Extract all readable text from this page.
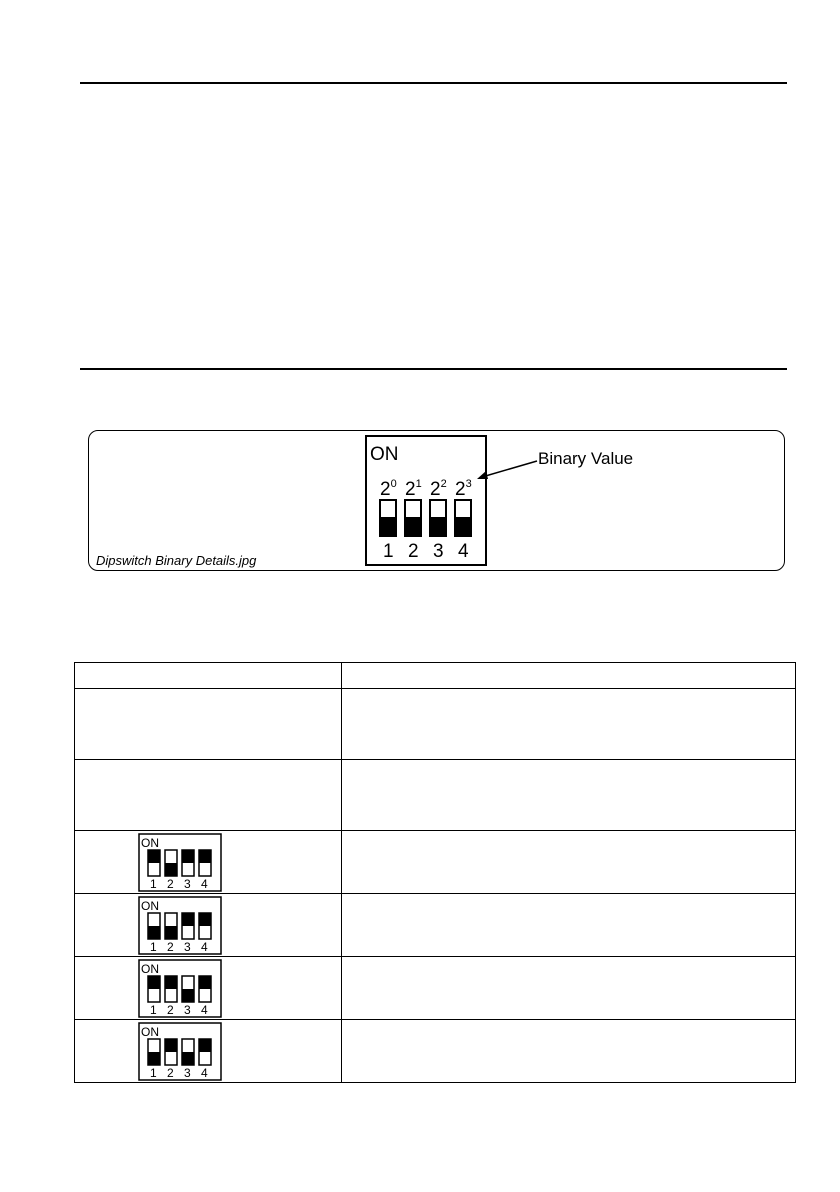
ON
$2^0$ $2^1$ $2^2$ $2^3$
1 2 3 4
Binary Value
Dipswitch Binary Details.jpg

ON
1 2 3 4	

ON
1 2 3 4	

ON
1 2 3 4	

ON
1 2 3 4	
